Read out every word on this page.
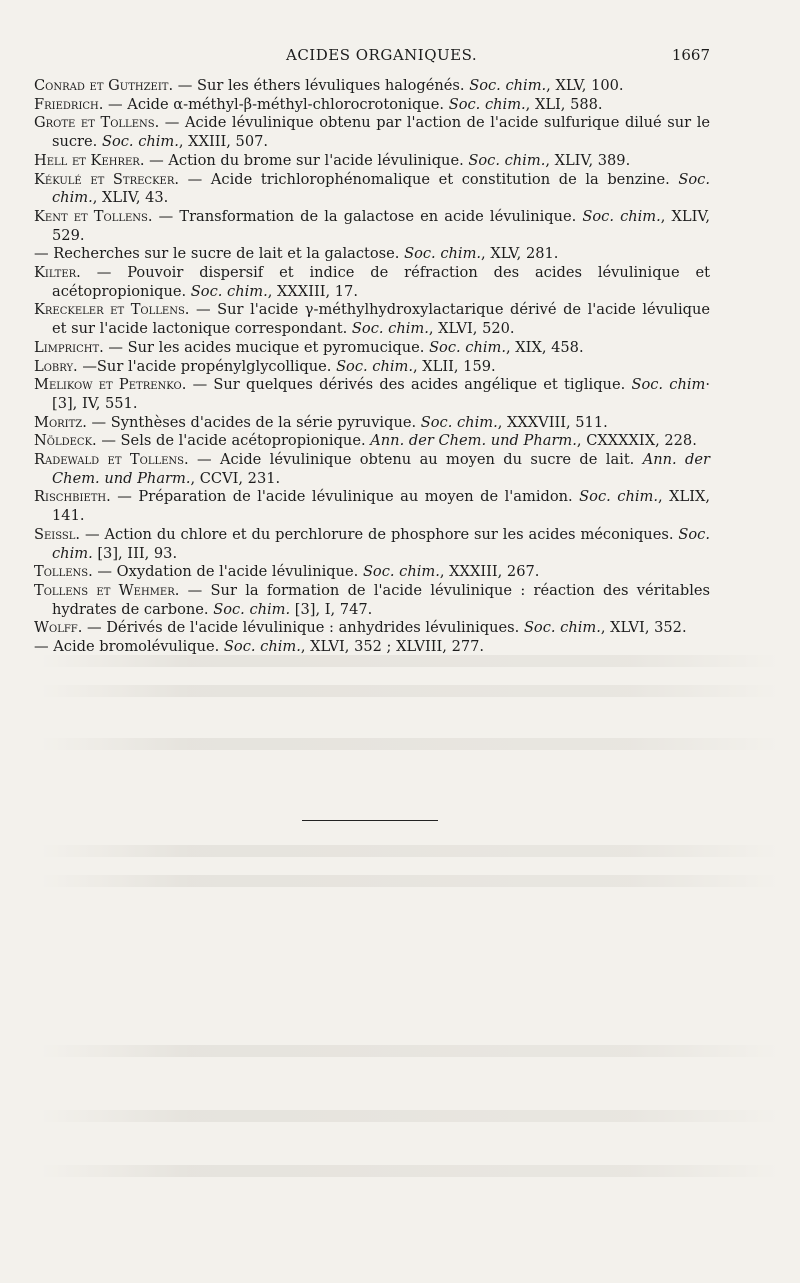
ACIDES ORGANIQUES.	1667
Conrad et Guthzeit. — Sur les éthers lévuliques halogénés. Soc. chim., XLV, 100.
Friedrich. — Acide α-méthyl-β-méthyl-chlorocrotonique. Soc. chim., XLI, 588.
Grote et Tollens. — Acide lévulinique obtenu par l'action de l'acide sulfurique dilué sur le sucre. Soc. chim., XXIII, 507.
Hell et Kehrer. — Action du brome sur l'acide lévulinique. Soc. chim., XLIV, 389.
Kékulé et Strecker. — Acide trichlorophénomalique et constitution de la benzine. Soc. chim., XLIV, 43.
Kent et Tollens. — Transformation de la galactose en acide lévulinique. Soc. chim., XLIV, 529.
— Recherches sur le sucre de lait et la galactose. Soc. chim., XLV, 281.
Kilter. — Pouvoir dispersif et indice de réfraction des acides lévulinique et acétopropionique. Soc. chim., XXXIII, 17.
Kreckeler et Tollens. — Sur l'acide γ-méthylhydroxylactarique dérivé de l'acide lévulique et sur l'acide lactonique correspondant. Soc. chim., XLVI, 520.
Limpricht. — Sur les acides mucique et pyromucique. Soc. chim., XIX, 458.
Lobry. —Sur l'acide propénylglycollique. Soc. chim., XLII, 159.
Melikow et Petrenko. — Sur quelques dérivés des acides angélique et tiglique. Soc. chim· [3], IV, 551.
Moritz. — Synthèses d'acides de la série pyruvique. Soc. chim., XXXVIII, 511.
Nöldeck. — Sels de l'acide acétopropionique. Ann. der Chem. und Pharm., CXXXXIX, 228.
Radewald et Tollens. — Acide lévulinique obtenu au moyen du sucre de lait. Ann. der Chem. und Pharm., CCVI, 231.
Rischbieth. — Préparation de l'acide lévulinique au moyen de l'amidon. Soc. chim., XLIX, 141.
Seissl. — Action du chlore et du perchlorure de phosphore sur les acides méconiques. Soc. chim. [3], III, 93.
Tollens. — Oxydation de l'acide lévulinique. Soc. chim., XXXIII, 267.
Tollens et Wehmer. — Sur la formation de l'acide lévulinique : réaction des véritables hydrates de carbone. Soc. chim. [3], I, 747.
Wolff. — Dérivés de l'acide lévulinique : anhydrides lévuliniques. Soc. chim., XLVI, 352.
— Acide bromolévulique. Soc. chim., XLVI, 352 ; XLVIII, 277.
